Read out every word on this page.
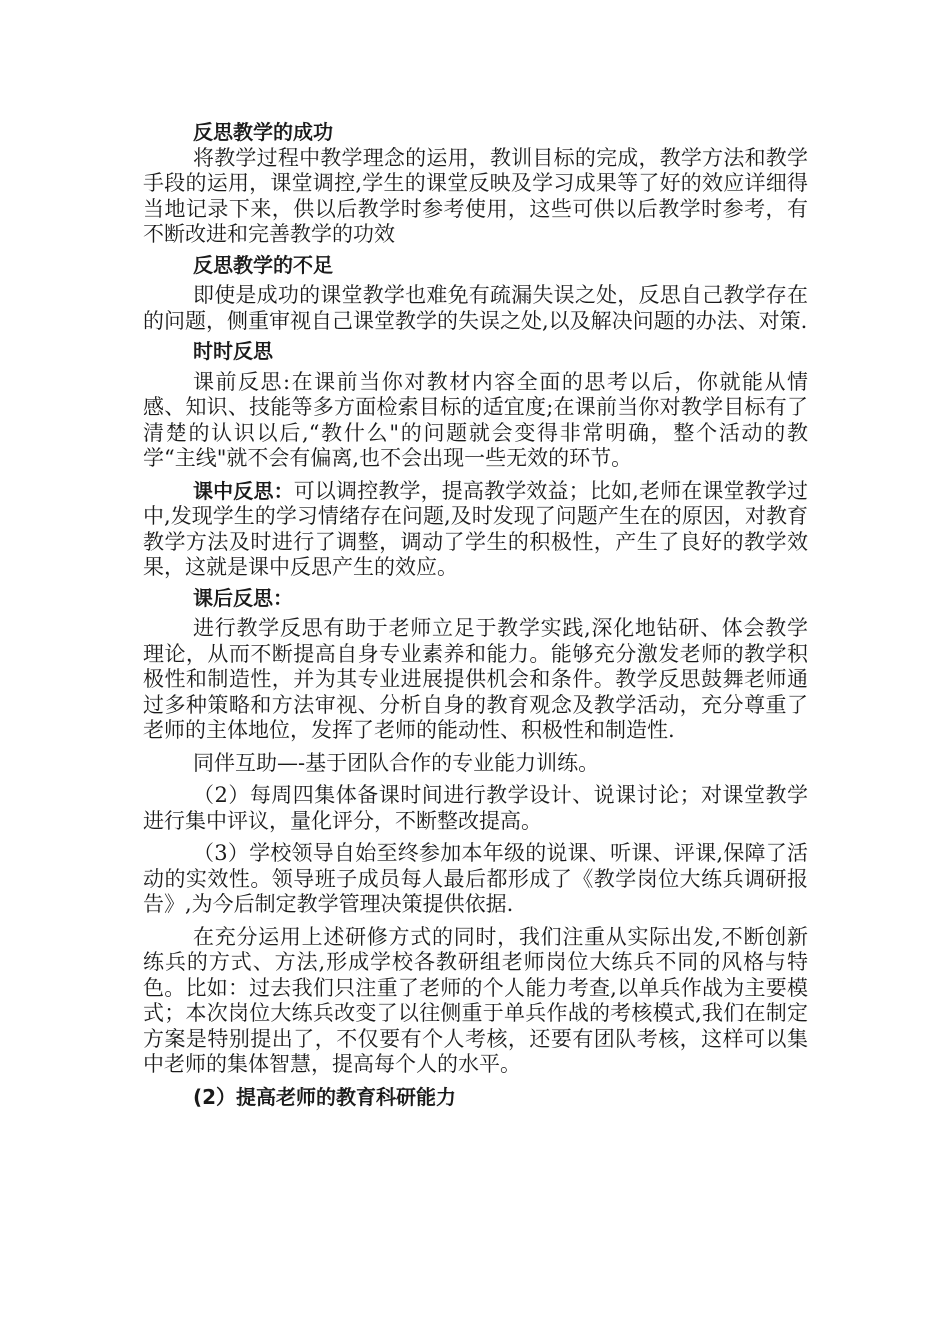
反思教学的成功

将教学过程中教学理念的运用，教训目标的完成，教学方法和教学手段的运用，课堂调控,学生的课堂反映及学习成果等了好的效应详细得当地记录下来，供以后教学时参考使用，这些可供以后教学时参考，有不断改进和完善教学的功效

反思教学的不足

即使是成功的课堂教学也难免有疏漏失误之处，反思自己教学存在的问题，侧重审视自己课堂教学的失误之处,以及解决问题的办法、对策.

时时反思

课前反思:在课前当你对教材内容全面的思考以后，你就能从情感、知识、技能等多方面检索目标的适宜度;在课前当你对教学目标有了清楚的认识以后,“教什么"的问题就会变得非常明确，整个活动的教学“主线"就不会有偏离,也不会出现一些无效的环节。

课中反思：可以调控教学，提高教学效益；比如,老师在课堂教学过中,发现学生的学习情绪存在问题,及时发现了问题产生在的原因，对教育教学方法及时进行了调整，调动了学生的积极性，产生了良好的教学效果，这就是课中反思产生的效应。

课后反思：

进行教学反思有助于老师立足于教学实践,深化地钻研、体会教学理论，从而不断提高自身专业素养和能力。能够充分激发老师的教学积极性和制造性，并为其专业进展提供机会和条件。教学反思鼓舞老师通过多种策略和方法审视、分析自身的教育观念及教学活动，充分尊重了老师的主体地位，发挥了老师的能动性、积极性和制造性.

同伴互助—-基于团队合作的专业能力训练。

（2）每周四集体备课时间进行教学设计、说课讨论；对课堂教学进行集中评议，量化评分，不断整改提高。

（3）学校领导自始至终参加本年级的说课、听课、评课,保障了活动的实效性。领导班子成员每人最后都形成了《教学岗位大练兵调研报告》,为今后制定教学管理决策提供依据.

在充分运用上述研修方式的同时，我们注重从实际出发,不断创新练兵的方式、方法,形成学校各教研组老师岗位大练兵不同的风格与特色。比如：过去我们只注重了老师的个人能力考查,以单兵作战为主要模式；本次岗位大练兵改变了以往侧重于单兵作战的考核模式,我们在制定方案是特别提出了，不仅要有个人考核，还要有团队考核，这样可以集中老师的集体智慧，提高每个人的水平。

(2）提高老师的教育科研能力
